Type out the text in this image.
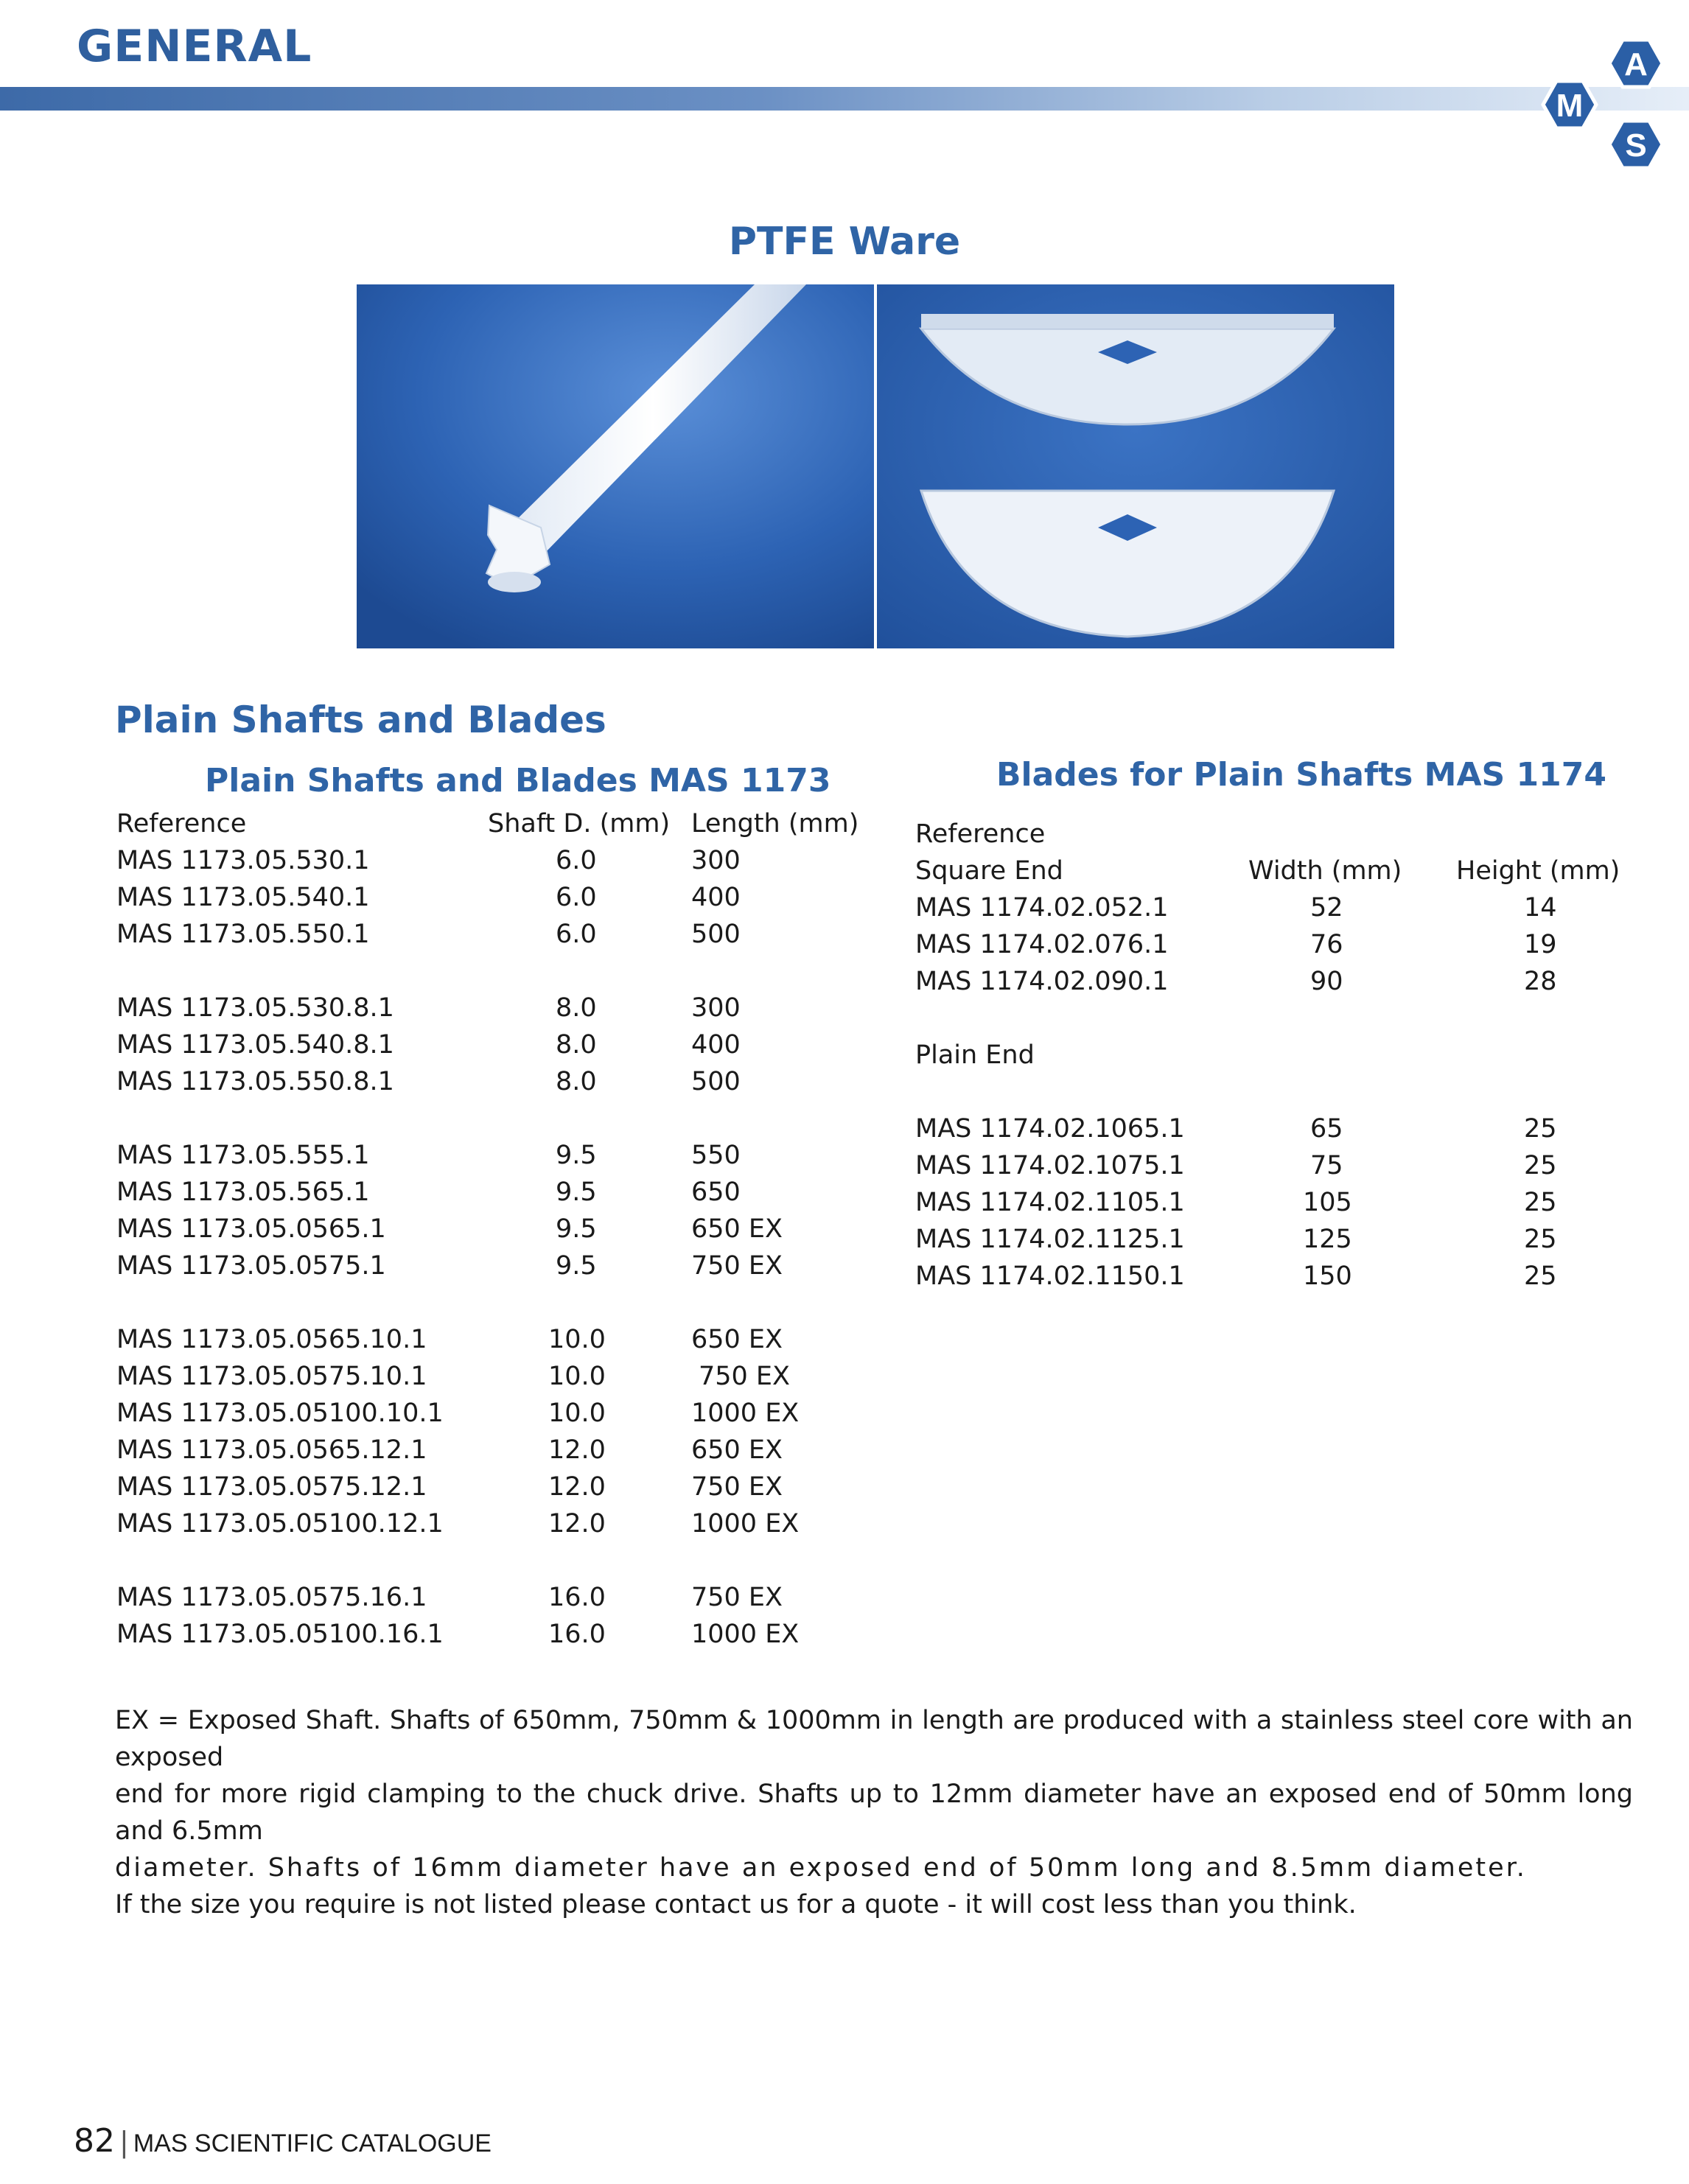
GENERAL
M
A
S
PTFE Ware
Plain Shafts and Blades
Plain Shafts and Blades MAS 1173
Reference	Shaft D. (mm) Length (mm)
MAS 1173.05.530.1	6.0	300
MAS 1173.05.540.1	6.0	400
MAS 1173.05.550.1	6.0	500
MAS 1173.05.530.8.1	8.0	300
MAS 1173.05.540.8.1	8.0	400
MAS 1173.05.550.8.1	8.0	500
MAS 1173.05.555.1	9.5	550
MAS 1173.05.565.1	9.5	650
MAS 1173.05.0565.1	9.5	650 EX
MAS 1173.05.0575.1	9.5	750 EX
MAS 1173.05.0565.10.1	10.0	650 EX
MAS 1173.05.0575.10.1	10.0	750 EX
MAS 1173.05.05100.10.1	10.0	1000 EX
MAS 1173.05.0565.12.1	12.0	650 EX
MAS 1173.05.0575.12.1	12.0	750 EX
MAS 1173.05.05100.12.1	12.0	1000 EX
MAS 1173.05.0575.16.1	16.0	750 EX
MAS 1173.05.05100.16.1	16.0	1000 EX
Blades for Plain Shafts MAS 1174
Reference
Square End	Width (mm) Height (mm)
MAS 1174.02.052.1	52	14
MAS 1174.02.076.1	76	19
MAS 1174.02.090.1	90	28
Plain End
MAS 1174.02.1065.1	65	25
MAS 1174.02.1075.1	75	25
MAS 1174.02.1105.1	105	25
MAS 1174.02.1125.1	125	25
MAS 1174.02.1150.1	150	25
EX = Exposed Shaft. Shafts of 650mm, 750mm & 1000mm in length are produced with a stainless steel core with an exposed
end for more rigid clamping to the chuck drive. Shafts up to 12mm diameter have an exposed end of 50mm long and 6.5mm
diameter. Shafts of 16mm diameter have an exposed end of 50mm long and 8.5mm diameter.
If the size you require is not listed please contact us for a quote - it will cost less than you think.
82 | MAS SCIENTIFIC CATALOGUE
